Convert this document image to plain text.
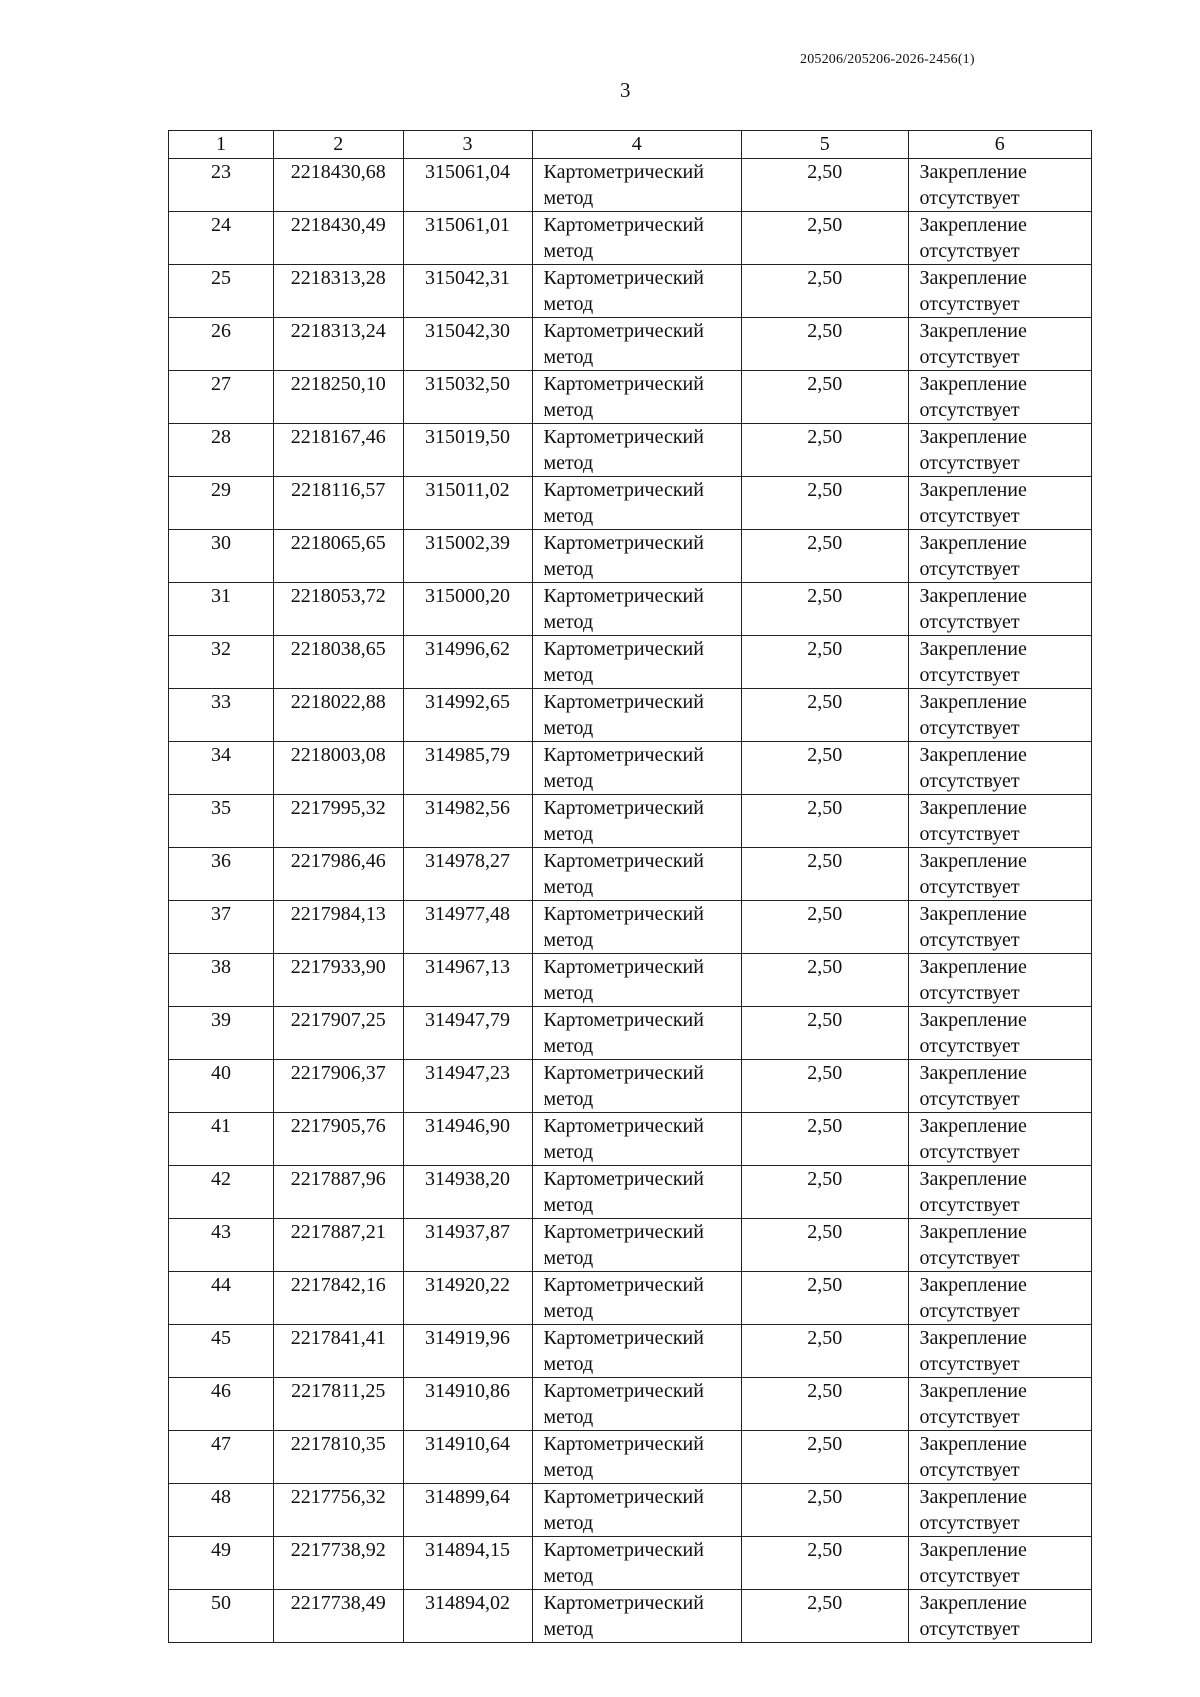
205206/205206-2026-2456(1)
3
1	2	3	4	5	6
23	2218430,68	315061,04	Картометрический метод	2,50	Закрепление отсутствует
24	2218430,49	315061,01	Картометрический метод	2,50	Закрепление отсутствует
25	2218313,28	315042,31	Картометрический метод	2,50	Закрепление отсутствует
26	2218313,24	315042,30	Картометрический метод	2,50	Закрепление отсутствует
27	2218250,10	315032,50	Картометрический метод	2,50	Закрепление отсутствует
28	2218167,46	315019,50	Картометрический метод	2,50	Закрепление отсутствует
29	2218116,57	315011,02	Картометрический метод	2,50	Закрепление отсутствует
30	2218065,65	315002,39	Картометрический метод	2,50	Закрепление отсутствует
31	2218053,72	315000,20	Картометрический метод	2,50	Закрепление отсутствует
32	2218038,65	314996,62	Картометрический метод	2,50	Закрепление отсутствует
33	2218022,88	314992,65	Картометрический метод	2,50	Закрепление отсутствует
34	2218003,08	314985,79	Картометрический метод	2,50	Закрепление отсутствует
35	2217995,32	314982,56	Картометрический метод	2,50	Закрепление отсутствует
36	2217986,46	314978,27	Картометрический метод	2,50	Закрепление отсутствует
37	2217984,13	314977,48	Картометрический метод	2,50	Закрепление отсутствует
38	2217933,90	314967,13	Картометрический метод	2,50	Закрепление отсутствует
39	2217907,25	314947,79	Картометрический метод	2,50	Закрепление отсутствует
40	2217906,37	314947,23	Картометрический метод	2,50	Закрепление отсутствует
41	2217905,76	314946,90	Картометрический метод	2,50	Закрепление отсутствует
42	2217887,96	314938,20	Картометрический метод	2,50	Закрепление отсутствует
43	2217887,21	314937,87	Картометрический метод	2,50	Закрепление отсутствует
44	2217842,16	314920,22	Картометрический метод	2,50	Закрепление отсутствует
45	2217841,41	314919,96	Картометрический метод	2,50	Закрепление отсутствует
46	2217811,25	314910,86	Картометрический метод	2,50	Закрепление отсутствует
47	2217810,35	314910,64	Картометрический метод	2,50	Закрепление отсутствует
48	2217756,32	314899,64	Картометрический метод	2,50	Закрепление отсутствует
49	2217738,92	314894,15	Картометрический метод	2,50	Закрепление отсутствует
50	2217738,49	314894,02	Картометрический метод	2,50	Закрепление отсутствует
